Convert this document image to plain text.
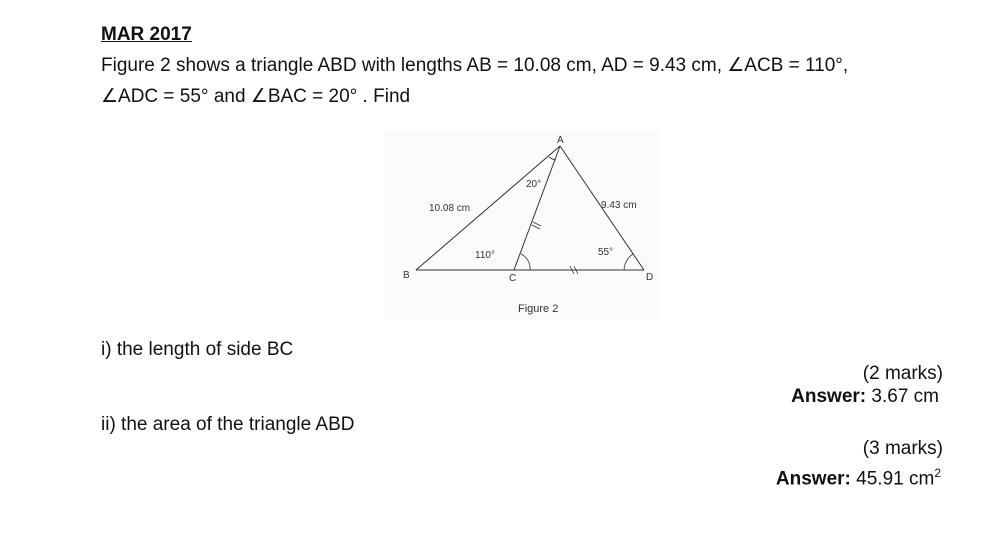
MAR 2017
Figure 2 shows a triangle ABD with lengths AB = 10.08 cm, AD = 9.43 cm, ∠ACB = 110°,
∠ADC = 55° and ∠BAC = 20° . Find
A
B	C	D
10.08 cm	9.43 cm
20°
110°	55°
Figure 2
i) the length of side BC
(2 marks)
Answer: 3.67 cm
ii) the area of the triangle ABD
(3 marks)
Answer: 45.91 $cm^2$
